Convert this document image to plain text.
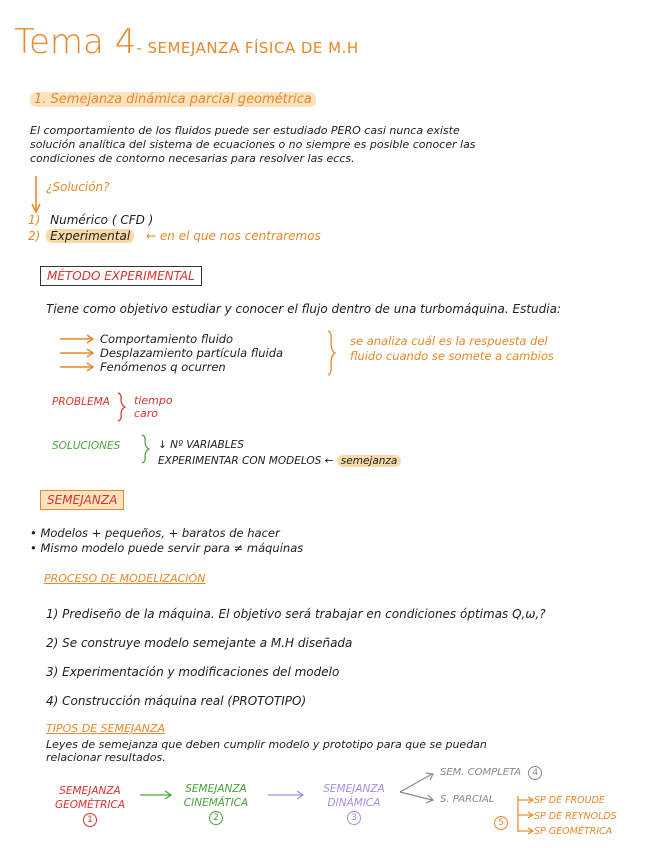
Tema 4- SEMEJANZA FÍSICA DE M.H
1. Semejanza dinámica parcial geométrica
El comportamiento de los fluidos puede ser estudiado PERO casi nunca existe
solución analítica del sistema de ecuaciones o no siempre es posible conocer las
condiciones de contorno necesarias para resolver las eccs.
¿Solución?
1) Numérico ( CFD )
2) Experimental ← en el que nos centraremos
MÉTODO EXPERIMENTAL
Tiene como objetivo estudiar y conocer el flujo dentro de una turbomáquina. Estudia:
Comportamiento fluido
Desplazamiento partícula fluida
Fenómenos q ocurren
se analiza cuál es la respuesta del
fluido cuando se somete a cambios
PROBLEMA tiempo
caro
SOLUCIONES	↓ Nº VARIABLES
EXPERIMENTAR CON MODELOS ← semejanza
SEMEJANZA
• Modelos + pequeños, + baratos de hacer
• Mismo modelo puede servir para ≠ máquinas
PROCESO DE MODELIZACIÓN
1) Prediseño de la máquina. El objetivo será trabajar en condiciones óptimas Q,ω,?
2) Se construye modelo semejante a M.H diseñada
3) Experimentación y modificaciones del modelo
4) Construcción máquina real (PROTOTIPO)
TIPOS DE SEMEJANZA
Leyes de semejanza que deben cumplir modelo y prototipo para que se puedan
relacionar resultados.
SEMEJANZA
GEOMÉTRICA
1
SEMEJANZA
CINEMÁTICA
2
SEMEJANZA
DINÁMICA
3
SEM. COMPLETA 4
S. PARCIAL
5
SP DE FROUDE
SP DE REYNOLDS
SP GEOMÉTRICA
